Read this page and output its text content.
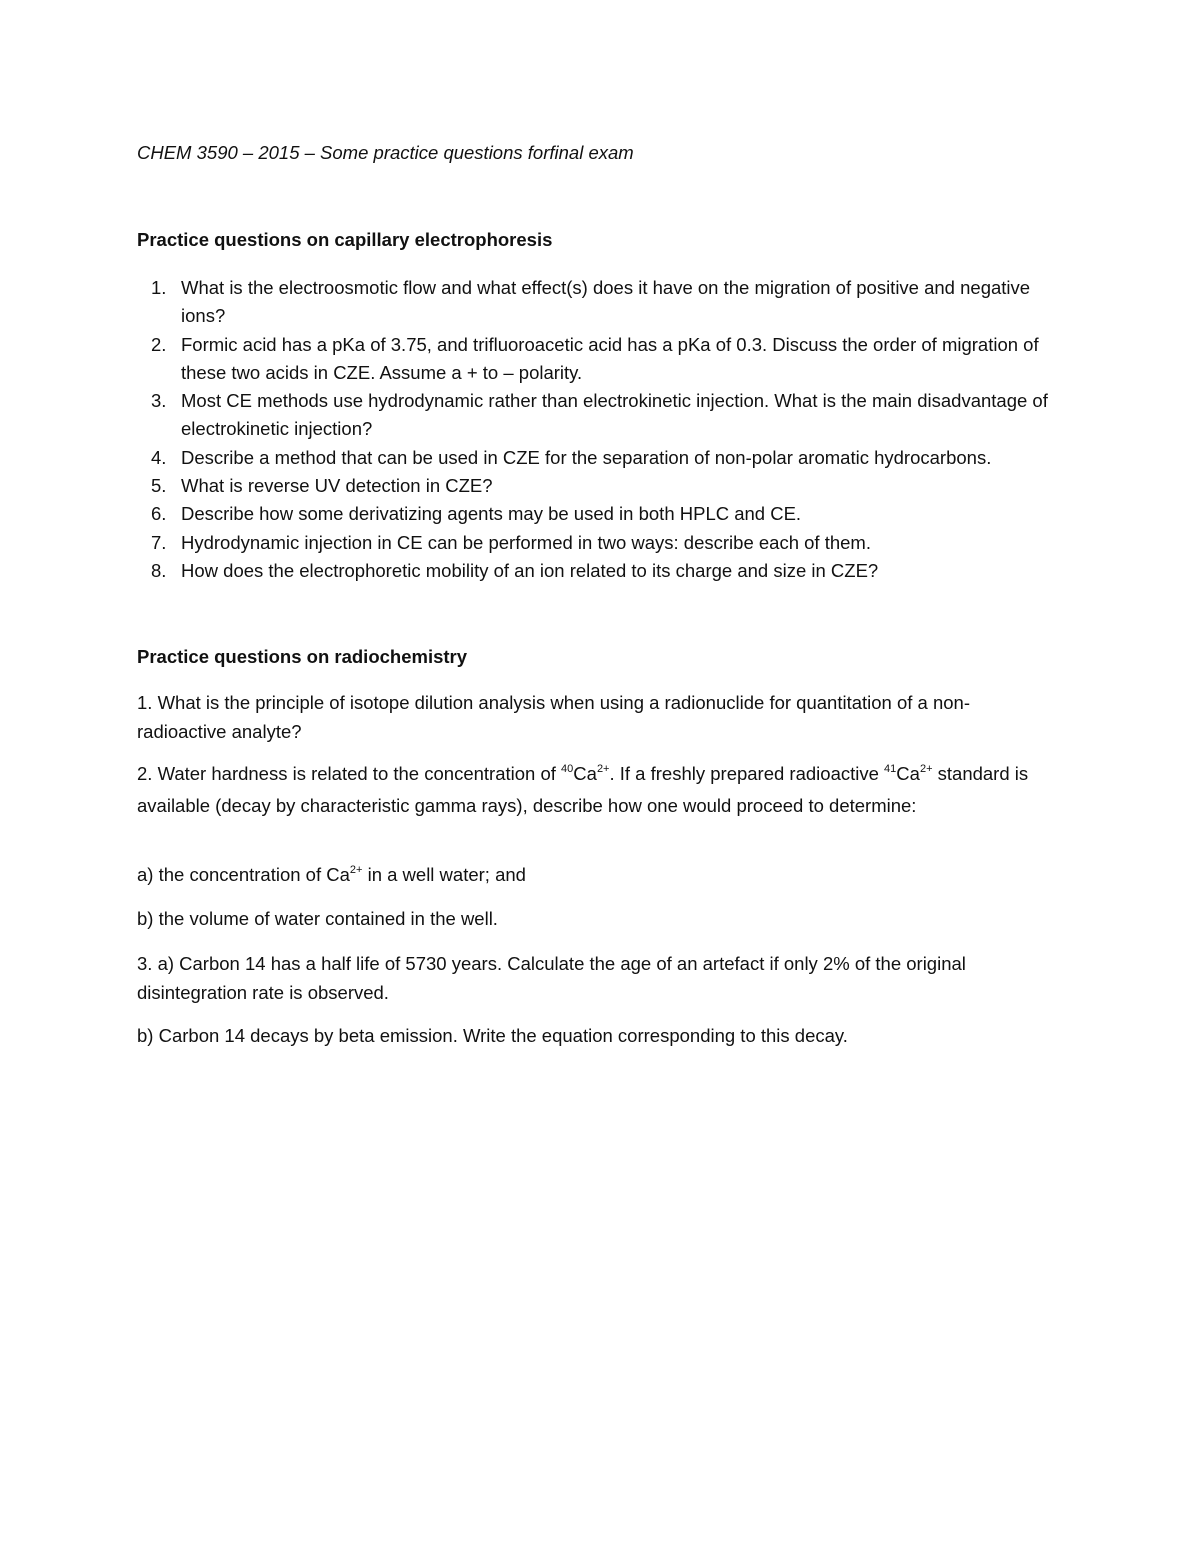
CHEM 3590 – 2015 – Some practice questions forfinal exam
Practice questions on capillary electrophoresis
1. What is the electroosmotic flow and what effect(s) does it have on the migration of positive and negative ions?
2. Formic acid has a pKa of 3.75, and trifluoroacetic acid has a pKa of 0.3. Discuss the order of migration of these two acids in CZE. Assume a + to – polarity.
3. Most CE methods use hydrodynamic rather than electrokinetic injection. What is the main disadvantage of electrokinetic injection?
4. Describe a method that can be used in CZE for the separation of non-polar aromatic hydrocarbons.
5. What is reverse UV detection in CZE?
6. Describe how some derivatizing agents may be used in both HPLC and CE.
7. Hydrodynamic injection in CE can be performed in two ways: describe each of them.
8. How does the electrophoretic mobility of an ion related to its charge and size in CZE?
Practice questions on radiochemistry
1. What is the principle of isotope dilution analysis when using a radionuclide for quantitation of a non-radioactive analyte?
2. Water hardness is related to the concentration of $^{40}Ca^{2+}$. If a freshly prepared radioactive $^{41}Ca^{2+}$ standard is available (decay by characteristic gamma rays), describe how one would proceed to determine:
a) the concentration of $Ca^{2+}$ in a well water; and
b) the volume of water contained in the well.
3. a) Carbon 14 has a half life of 5730 years. Calculate the age of an artefact if only 2% of the original disintegration rate is observed.
b) Carbon 14 decays by beta emission. Write the equation corresponding to this decay.
